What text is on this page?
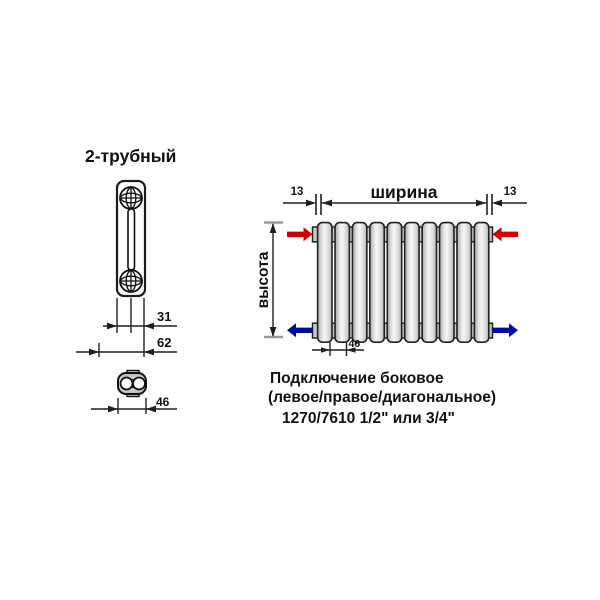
2-трубный
31
62
46
ширина
13	13
высота
46
Подключение боковое
(левое/правое/диагональное)
1270/7610 1/2" или 3/4"
